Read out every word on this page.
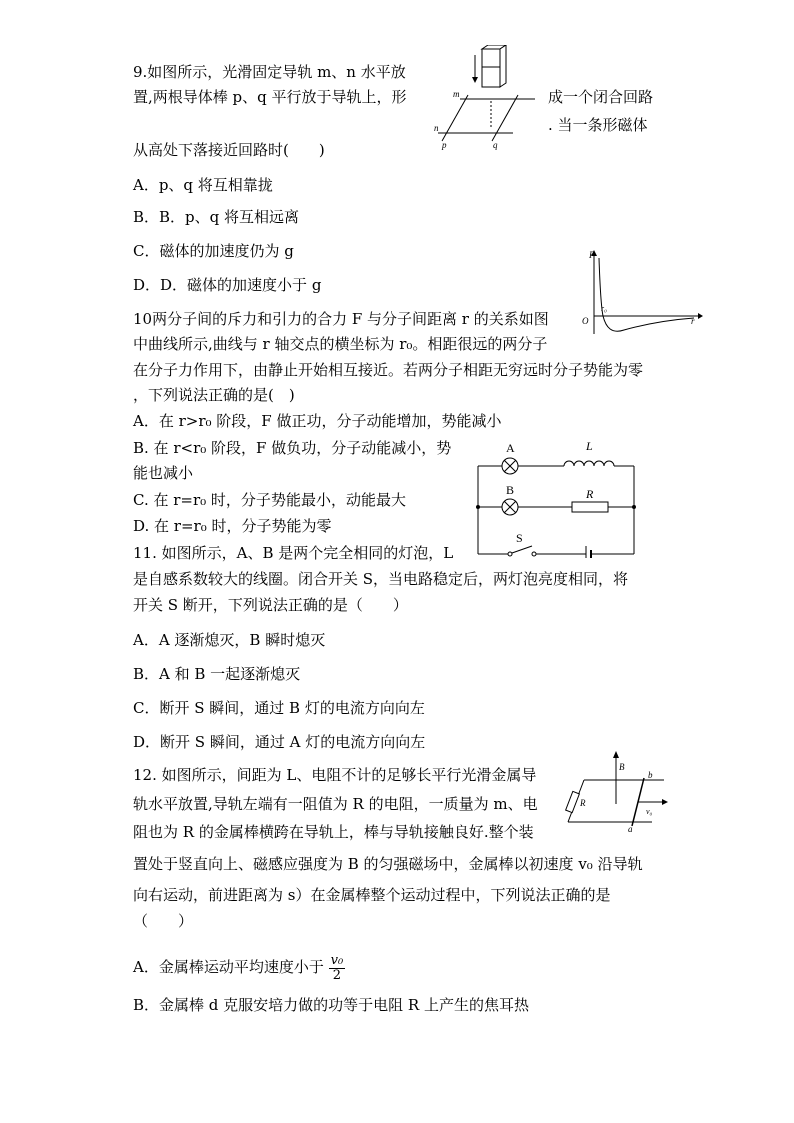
9.如图所示，光滑固定导轨 m、n 水平放
置,两根导体棒 p、q 平行放于导轨上，形	成一个闭合回路
. 当一条形磁体
从高处下落接近回路时(　　)
A．p、q 将互相靠拢
B．B．p、q 将互相远离
C．磁体的加速度仍为 g
D．D．磁体的加速度小于 g
m
n
p	q
10两分子间的斥力和引力的合力 F 与分子间距离 r 的关系如图
中曲线所示,曲线与 r 轴交点的横坐标为 r₀。相距很远的两分子
在分子力作用下，由静止开始相互接近。若两分子相距无穷远时分子势能为零
，下列说法正确的是(　)
A．在 r>r₀ 阶段，F 做正功，分子动能增加，势能减小
B. 在 r<r₀ 阶段，F 做负功，分子动能减小，势
能也减小
C. 在 r=r₀ 时，分子势能最小，动能最大
D. 在 r=r₀ 时，分子势能为零
F
O	r
r₀
11. 如图所示，A、B 是两个完全相同的灯泡，L
是自感系数较大的线圈。闭合开关 S，当电路稳定后，两灯泡亮度相同，将
开关 S 断开，下列说法正确的是（　　）
A．A 逐渐熄灭，B 瞬时熄灭
B．A 和 B 一起逐渐熄灭
C．断开 S 瞬间，通过 B 灯的电流方向向左
D．断开 S 瞬间，通过 A 灯的电流方向向左
A	L
B	R
S
12. 如图所示，间距为 L、电阻不计的足够长平行光滑金属导
轨水平放置,导轨左端有一阻值为 R 的电阻，一质量为 m、电
阻也为 R 的金属棒横跨在导轨上，棒与导轨接触良好.整个装
置处于竖直向上、磁感应强度为 B 的匀强磁场中，金属棒以初速度 v₀ 沿导轨
向右运动，前进距离为 s）在金属棒整个运动过程中，下列说法正确的是
（　　）
A．金属棒运动平均速度小于 $\frac{\text{v₀}}{2}$
B．金属棒 d 克服安培力做的功等于电阻 R 上产生的焦耳热
B
R
b
a
v₀
